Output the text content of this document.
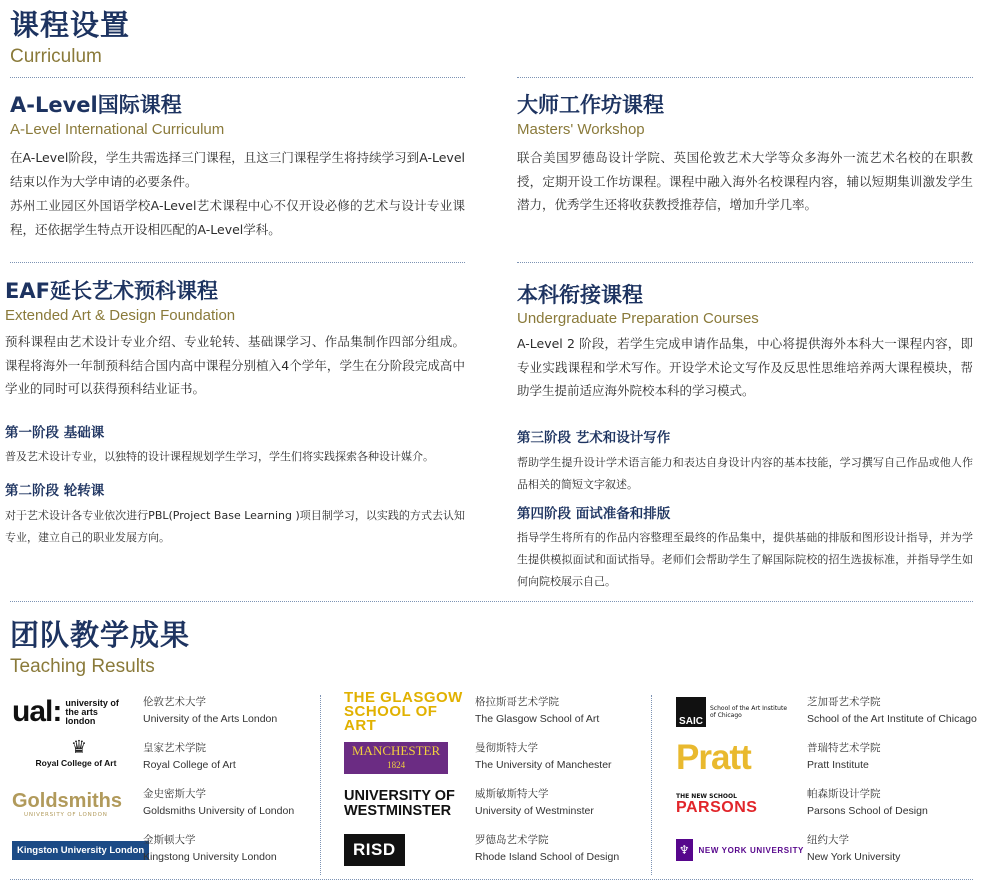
课程设置
Curriculum
A-Level国际课程
A-Level International Curriculum
在A-Level阶段，学生共需选择三门课程，且这三门课程学生将持续学习到A-Level结束以作为大学申请的必要条件。
苏州工业园区外国语学校A-Level艺术课程中心不仅开设必修的艺术与设计专业课程，还依据学生特点开设相匹配的A-Level学科。
大师工作坊课程
Masters' Workshop
联合美国罗德岛设计学院、英国伦敦艺术大学等众多海外一流艺术名校的在职教授，定期开设工作坊课程。课程中融入海外名校课程内容，辅以短期集训激发学生潜力，优秀学生还将收获教授推荐信，增加升学几率。
EAF延长艺术预科课程
Extended Art & Design Foundation
预科课程由艺术设计专业介绍、专业轮转、基础课学习、作品集制作四部分组成。课程将海外一年制预科结合国内高中课程分别植入4个学年，学生在分阶段完成高中学业的同时可以获得预科结业证书。
第一阶段 基础课
普及艺术设计专业，以独特的设计课程规划学生学习，学生们将实践探索各种设计媒介。
第二阶段 轮转课
对于艺术设计各专业依次进行PBL(Project Base Learning )项目制学习，以实践的方式去认知专业，建立自己的职业发展方向。
本科衔接课程
Undergraduate Preparation Courses
A-Level 2 阶段，若学生完成申请作品集，中心将提供海外本科大一课程内容，即专业实践课程和学术写作。开设学术论文写作及反思性思维培养两大课程模块，帮助学生提前适应海外院校本科的学习模式。
第三阶段 艺术和设计写作
帮助学生提升设计学术语言能力和表达自身设计内容的基本技能，学习撰写自己作品或他人作品相关的简短文字叙述。
第四阶段 面试准备和排版
指导学生将所有的作品内容整理至最终的作品集中，提供基础的排版和图形设计指导，并为学生提供模拟面试和面试指导。老师们会帮助学生了解国际院校的招生选拔标准，并指导学生如何向院校展示自己。
团队教学成果
Teaching Results
ual: university of the arts london
伦敦艺术大学
University of the Arts London
♛
Royal College of Art
皇家艺术学院
Royal College of Art
Goldsmiths
UNIVERSITY OF LONDON
金史密斯大学
Goldsmiths University of London
Kingston University London
金斯顿大学
Kingstong University London
THE GLASGOW SCHOOL OF ART
格拉斯哥艺术学院
The Glasgow School of Art
MANCHESTER
1824
曼彻斯特大学
The University of Manchester
UNIVERSITY OF WESTMINSTER
威斯敏斯特大学
University of Westminster
RISD	罗德岛艺术学院
Rhode Island School of Design
SAIC
School of the Art Institute of Chicago
芝加哥艺术学院
School of the Art Institute of Chicago
Pratt	普瑞特艺术学院
Pratt Institute
THE NEW SCHOOL
PARSONS
帕森斯设计学院
Parsons School of Design
♆	NEW YORK UNIVERSITY
纽约大学
New York University
